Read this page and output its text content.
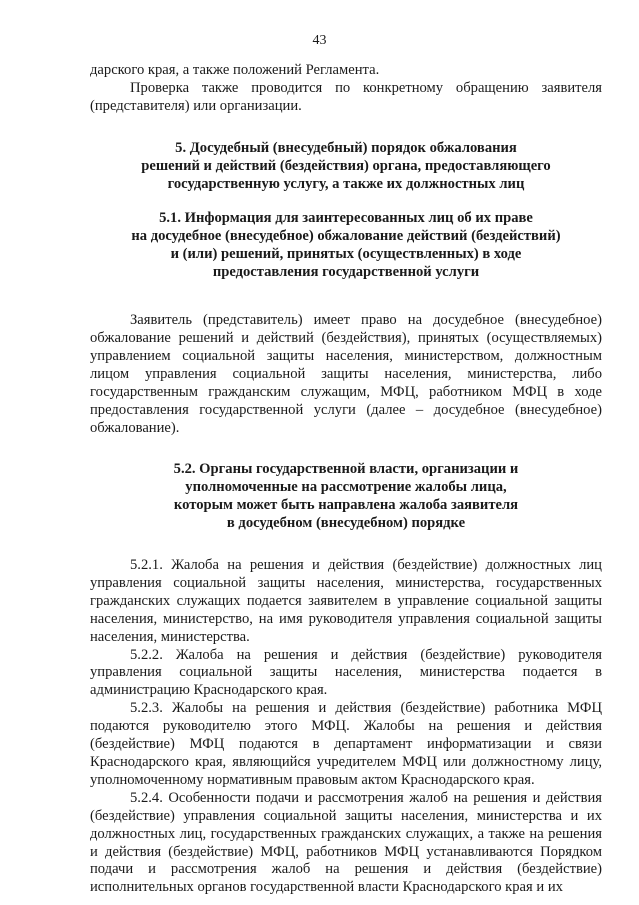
43

дарского края, а также положений Регламента.

Проверка также проводится по конкретному обращению заявителя (представителя) или организации.

5. Досудебный (внесудебный) порядок обжалования
решений и действий (бездействия) органа, предоставляющего
государственную услугу, а также их должностных лиц
5.1. Информация для заинтересованных лиц об их праве
на досудебное (внесудебное) обжалование действий (бездействий)
и (или) решений, принятых (осуществленных) в ходе
предоставления государственной услуги

Заявитель (представитель) имеет право на досудебное (внесудебное) обжалование решений и действий (бездействия), принятых (осуществляемых) управлением социальной защиты населения, министерством, должностным лицом управления социальной защиты населения, министерства, либо государственным гражданским служащим, МФЦ, работником МФЦ в ходе предоставления государственной услуги (далее – досудебное (внесудебное) обжалование).

5.2. Органы государственной власти, организации и
уполномоченные на рассмотрение жалобы лица,
которым может быть направлена жалоба заявителя
в досудебном (внесудебном) порядке

5.2.1. Жалоба на решения и действия (бездействие) должностных лиц управления социальной защиты населения, министерства, государственных гражданских служащих подается заявителем в управление социальной защиты населения, министерство, на имя руководителя управления социальной защиты населения, министерства.

5.2.2. Жалоба на решения и действия (бездействие) руководителя управления социальной защиты населения, министерства подается в администрацию Краснодарского края.

5.2.3. Жалобы на решения и действия (бездействие) работника МФЦ подаются руководителю этого МФЦ. Жалобы на решения и действия (бездействие) МФЦ подаются в департамент информатизации и связи Краснодарского края, являющийся учредителем МФЦ или должностному лицу, уполномоченному нормативным правовым актом Краснодарского края.

5.2.4. Особенности подачи и рассмотрения жалоб на решения и действия (бездействие) управления социальной защиты населения, министерства и их должностных лиц, государственных гражданских служащих, а также на решения и действия (бездействие) МФЦ, работников МФЦ устанавливаются Порядком подачи и рассмотрения жалоб на решения и действия (бездействие) исполнительных органов государственной власти Краснодарского края и их
